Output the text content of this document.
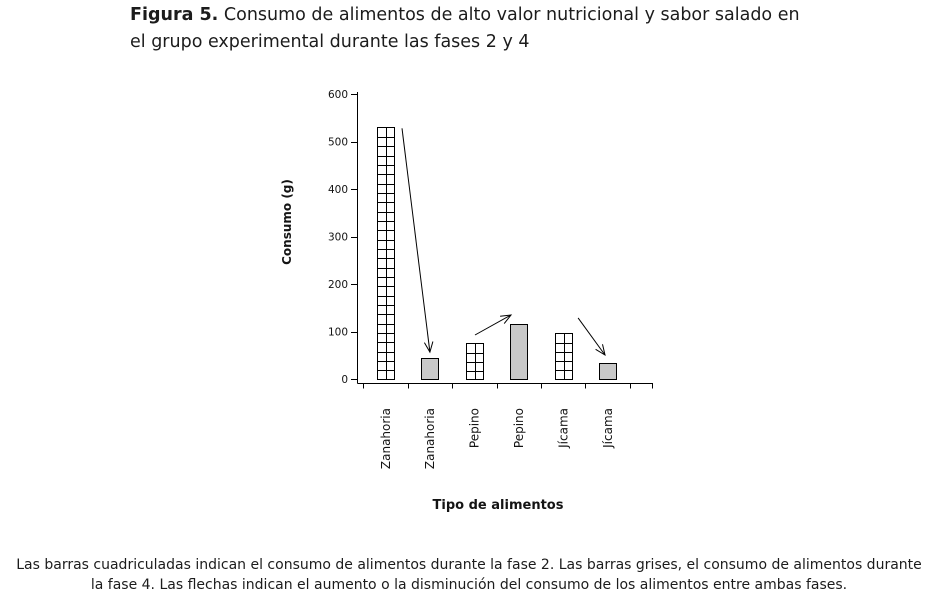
0
100
200
300
400
500
600
Zanahoria	Zanahoria	Pepino	Pepino	Jícama	Jícama
Consumo (g)
Tipo de alimentos
Figura 5. Consumo de alimentos de alto valor nutricional y sabor salado en
el grupo experimental durante las fases 2 y 4
Las barras cuadriculadas indican el consumo de alimentos durante la fase 2. Las barras grises, el consumo de alimentos durante
la fase 4. Las flechas indican el aumento o la disminución del consumo de los alimentos entre ambas fases.
